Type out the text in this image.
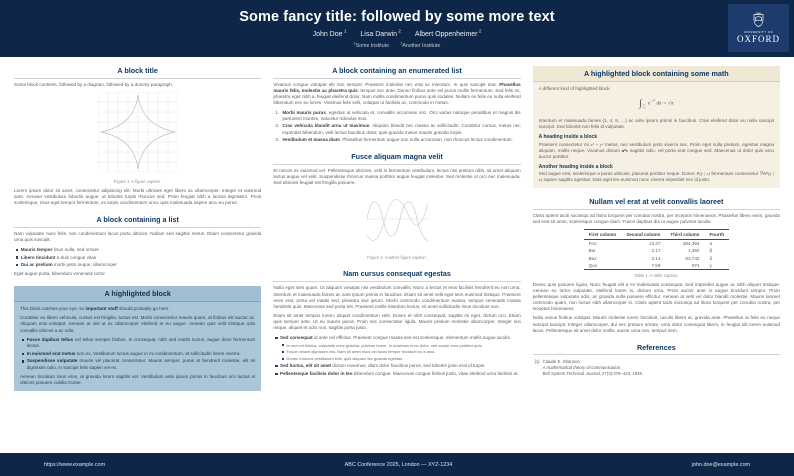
Some fancy title: followed by some more text
John Doe $^1$ Lisa Darwin $^2$ Albert Oppenheimer $^2$
$^1$Some Institute	$^2$Another Institute
UNIVERSITY OF
OXFORD
A block title

Some block contents, followed by a diagram, followed by a dummy paragraph.

Figure 1. A figure caption.

Lorem ipsum dolor sit amet, consectetur adipiscing elit. Morbi ultricies eget libero ac ullamcorper. Integer et euismod ante. Aenean vestibulum lobortis augue, ut lobortis turpis rhoncus sed. Proin feugiat nibh a lacinia dignissim. Proin scelerisque, risus eget tempor fermentum, ex turpis condimentum urna, quis malesuada sapien arcu eu purus.

A block containing a list

Nam vulputate nunc felis, non condimentum lacus porta ultrices. Nullam sed sagittis metus. Etiam consectetur gravida urna quis suscipit.

Mauris tempor risus nulla, sed ornare
Libero tincidunt a duis congue vitae
Dui ac pretium morbi justo neque, ullamcorper

Eget augue porta, bibendum venenatis tortor.

A highlighted block

This block catches your eye, so important stuff should probably go here.

Curabitur eu libero vehicula, cursus est fringilla, luctus est. Morbi consectetur mauris quam, at finibus elit auctor ac. Aliquam erat volutpat. Aenean at nisl ut ex ullamcorper eleifend et eu augue. Aenean quis velit tristique odio convallis ultrices a ac odio.

Fusce dapibus tellus vel tellus semper finibus. In consequat, nibh sed mattis luctus, augue diam fermentum lectus.
In euismod erat metus non ex. Vestibulum luctus augue in mi condimentum, at sollicitudin lorem viverra.
Suspendisse vulputate mauris vel placerat consectetur. Mauris semper, purus at hendrerit molestie, elit mi dignissim odio, in suscipit felis sapien vel ex.

Aenean tincidunt risus eros, at gravida lorem sagittis vel. Vestibulum ante ipsum primis in faucibus orci luctus et ultrices posuere cubilia Curae.

A block containing an enumerated list

Vivamus congue volutpat elit non semper. Praesent molestie nec erat ac interdum. In quis suscipit erat. Phasellus mauris felis, molestie ac pharetra quis, tempus nec ante. Donec finibus ante vel purus mollis fermentum. Sed felis mi, pharetra eget nibh a, feugiat eleifend dolor. Nam mollis condimentum purus quis sodales. Nullam eu felis eu nulla eleifend bibendum nec eu lorem. Vivamus felis velit, volutpat ut facilisis ac, commodo in metus.

1. Morbi mauris purus, egestas at vehicula et, convallis accumsan orci. Orci varius natoque penatibus et magnis dis parturient montes, nascetur ridiculus mus.
2. Cras vehicula blandit urna ut maximus. Aliquam blandit nec massa ac sollicitudin. Curabitur cursus, metus nec imperdiet bibendum, velit lectus faucibus dolor, quis gravida metus mauris gravida turpis.
3. Vestibulum et massa diam. Phasellus fermentum augue non nulla accumsan, non rhoncus lectus condimentum.
Fusce aliquam magna velit

Et rutrum ex euismod vel. Pellentesque ultricies, velit in fermentum vestibulum, lectus nisi pretium nibh, sit amet aliquam lectus augue vel velit. Suspendisse rhoncus massa porttitor augue feugiat molestie. Sed molestie ut orci nec malesuada. Sed ultricies feugiat est fringilla posuere.

Figure 2. Another figure caption.
Nam cursus consequat egestas

Nulla eget sem quam. Ut aliquam volutpat nisi vestibulum convallis. Nunc a lectus et eros facilisis hendrerit eu non urna. Interdum et malesuada fames ac ante ipsum primis in faucibus. Etiam sit amet velit eget sem euismod tristique. Praesent enim erat, porta vel mattis sed, pharetra sed ipsum. Morbi commodo condimentum massa, tempus venenatis massa hendrerit quis. Maecenas sed porta est. Praesent mollis interdum lectus, sit amet sollicitudin risus tincidunt non.

Etiam sit amet tempus lorem, aliquet condimentum velit. Donec et nibh consequat, sagittis mi eget, dictum orci. Etiam quis semper ante. Ut eu mauris purus. Proin nec consectetur ligula. Mauris pretium molestie ullamcorper. Integer nisi neque, aliquet et odio non, sagittis porta justo.

Sed consequat id ante vel efficitur. Praesent congue massa sed est scelerisque, elementum mollis augue iaculis.
In sed est finibus, vulputate nunc gravida, pulvinar lorem. In maximus nunc dolor, sed auctor eros porttitor quis.
Fusce ornare dignissim nisi. Nam sit amet risus vel lacus tempor tincidunt eu a arcu.
Donec rhoncus vestibulum erat, quis aliquam leo gravida egestas.
Sed luctus, elit sit amet dictum maximus, diam dolor faucibus purus, sed lobortis justo erat id turpis.
Pellentesque facilisis dolor in leo bibendum congue. Maecenas congue finibus justo, vitae eleifend urna facilisis at.
A highlighted block containing some math

A different kind of highlighted block.

∫ ∞
−∞
$e^{-x^2}$ dx = √π

Interdum et malesuada fames {1, 4, 9, …} ac ante ipsum primis in faucibus. Cras eleifend dolor eu nulla suscipit suscipit. Sed lobortis non felis id vulputate.

A heading inside a block

Praesent consectetur mi x² + y² metus, nec vestibulum justo viverra nec. Proin eget nulla pretium, egestas magna aliquam, mollis neque. Vivamus dictum uᵀv sagittis odio, vel porta erat congue sed. Maecenas ut dolor quis arcu auctor porttitor.

Another heading inside a block

Sed augue erat, scelerisque a purus ultricies, placerat porttitor neque. Donec P(y | x) fermentum consectetur ∇θP(y | x) sapien sagittis egestas. Duis eget leo euismod nunc viverra imperdiet nec id justo.

Nullam vel erat at velit convallis laoreet

Class aptent taciti sociosqu ad litora torquent per conubia nostra, per inceptos himenaeos. Phasellus libero enim, gravida sed erat sit amet, scelerisque congue diam. Fusce dapibus dui ut augue pulvinar iaculis.

First column	Second column	Third column	Fourth
Foo	13.37	384,394	α
Bar	2.17	1,392	β
Baz	3.14	83,742	δ
Qux	7.59	974	γ
Table 1. A table caption.

Donec quis posuere ligula. Nunc feugiat elit a mi malesuada consequat. Sed imperdiet augue ac nibh aliquet tristique. Aenean eu tortor vulputate, eleifend lorem in, dictum urna. Proin auctor ante in augue tincidunt tempor. Proin pellentesque vulputate odio, ac gravida nulla posuere efficitur. Aenean at velit vel dolor blandit molestie. Mauris laoreet commodo quam, non luctus nibh ullamcorper in. Class aptent taciti sociosqu ad litora torquent per conubia nostra, per inceptos himenaeos.

Nulla varius finibus volutpat. Mauris molestie lorem tincidunt, iaculis libero at, gravida ante. Phasellus at felis eu neque suscipit suscipit. Integer ullamcorper, dui nec pretium ornare, urna dolor consequat libero, in feugiat elit lorem euismod lacus. Pellentesque sit amet dolor mollis, auctor urna non, tempus sem.

References
[1] Claude E. Shannon.
A mathematical theory of communication.
Bell System Technical Journal, 27(3):379–423, 1948.
https://www.example.com	ABC Conference 2025, London — XYZ-1234	john.doe@example.com
